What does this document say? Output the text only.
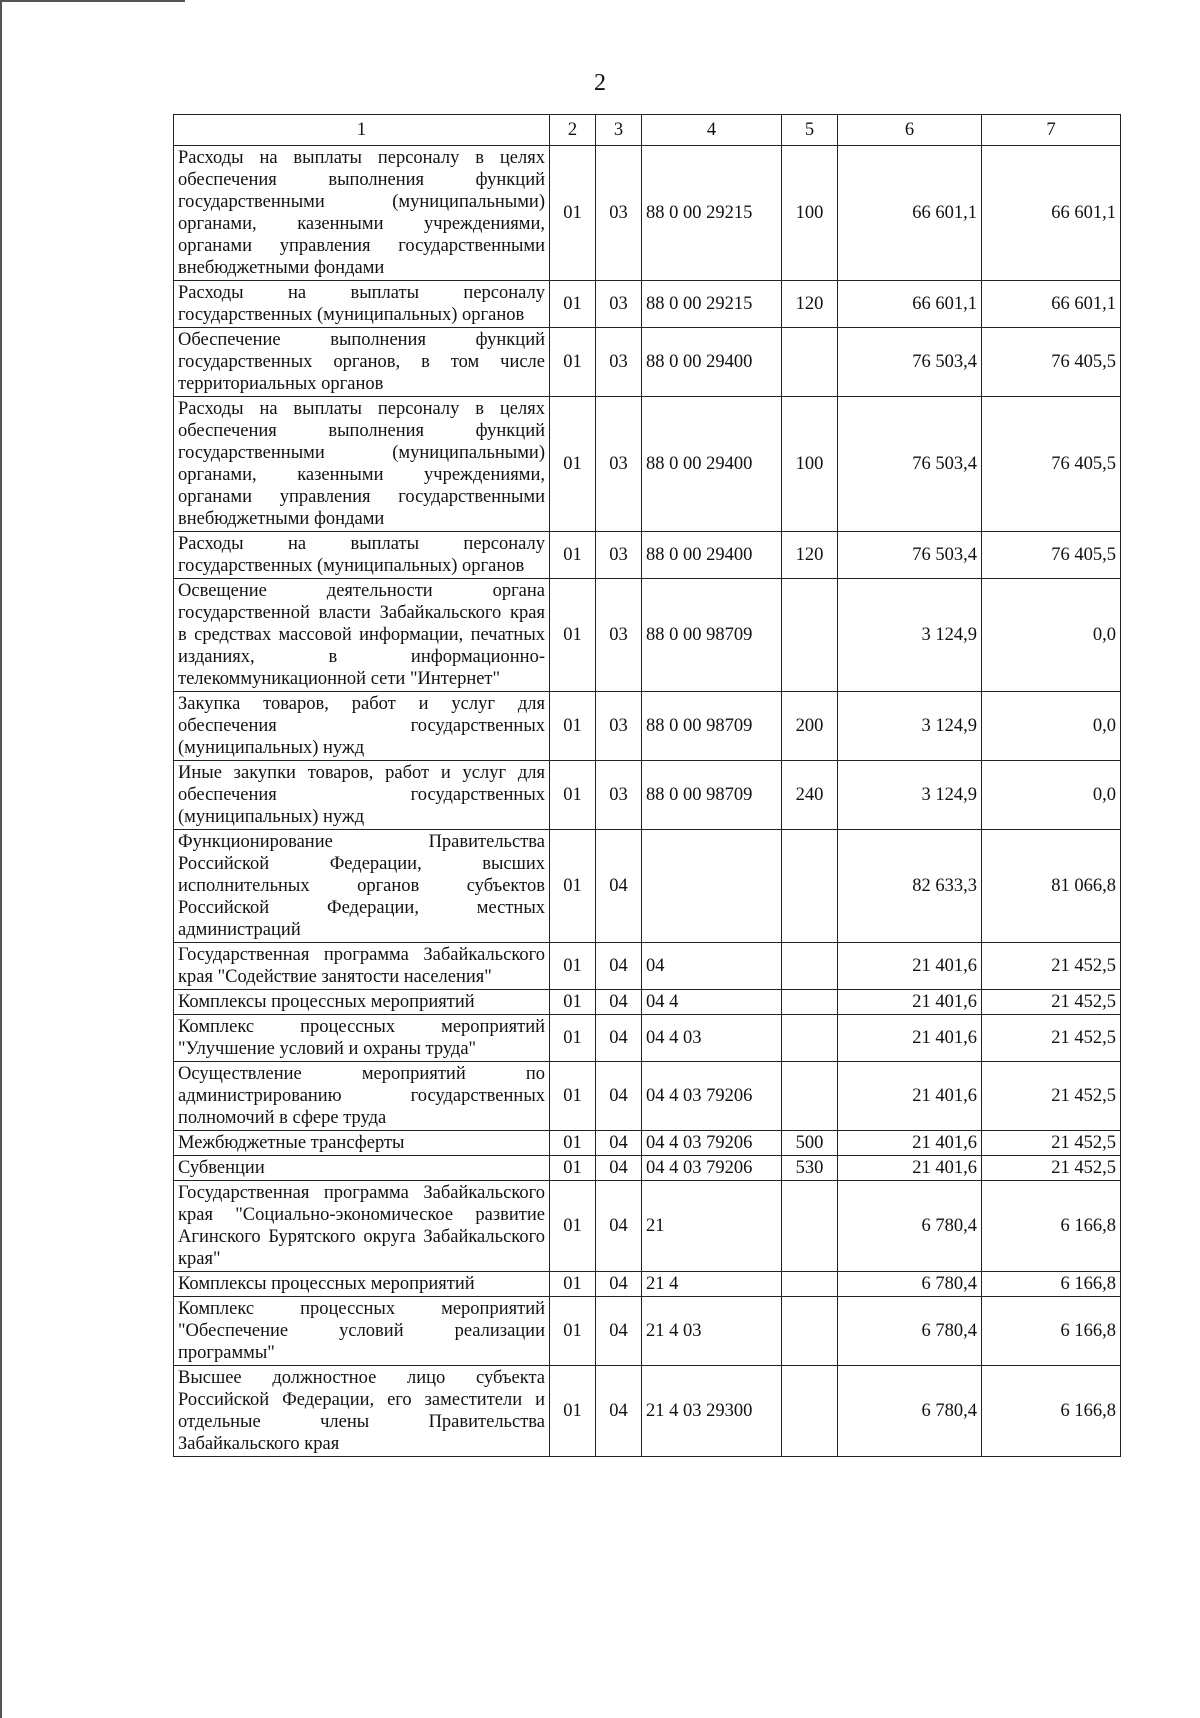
2
1	2	3	4	5	6	7
Расходы на выплаты персоналу в целях обеспечения выполнения функций государственными (муниципальными) органами, казенными учреждениями, органами управления государственными внебюджетными фондами	01	03	88 0 00 29215	100	66 601,1	66 601,1
Расходы на выплаты персоналу государственных (муниципальных) органов	01	03	88 0 00 29215	120	66 601,1	66 601,1
Обеспечение выполнения функций государственных органов, в том числе территориальных органов	01	03	88 0 00 29400		76 503,4	76 405,5
Расходы на выплаты персоналу в целях обеспечения выполнения функций государственными (муниципальными) органами, казенными учреждениями, органами управления государственными внебюджетными фондами	01	03	88 0 00 29400	100	76 503,4	76 405,5
Расходы на выплаты персоналу государственных (муниципальных) органов	01	03	88 0 00 29400	120	76 503,4	76 405,5
Освещение деятельности органа государственной власти Забайкальского края в средствах массовой информации, печатных изданиях, в информационно-телекоммуникационной сети "Интернет"	01	03	88 0 00 98709		3 124,9	0,0
Закупка товаров, работ и услуг для обеспечения государственных (муниципальных) нужд	01	03	88 0 00 98709	200	3 124,9	0,0
Иные закупки товаров, работ и услуг для обеспечения государственных (муниципальных) нужд	01	03	88 0 00 98709	240	3 124,9	0,0
Функционирование Правительства Российской Федерации, высших исполнительных органов субъектов Российской Федерации, местных администраций	01	04			82 633,3	81 066,8
Государственная программа Забайкальского края "Содействие занятости населения"	01	04	04		21 401,6	21 452,5
Комплексы процессных мероприятий	01	04	04 4		21 401,6	21 452,5
Комплекс процессных мероприятий "Улучшение условий и охраны труда"	01	04	04 4 03		21 401,6	21 452,5
Осуществление мероприятий по администрированию государственных полномочий в сфере труда	01	04	04 4 03 79206		21 401,6	21 452,5
Межбюджетные трансферты	01	04	04 4 03 79206	500	21 401,6	21 452,5
Субвенции	01	04	04 4 03 79206	530	21 401,6	21 452,5
Государственная программа Забайкальского края "Социально-экономическое развитие Агинского Бурятского округа Забайкальского края"	01	04	21		6 780,4	6 166,8
Комплексы процессных мероприятий	01	04	21 4		6 780,4	6 166,8
Комплекс процессных мероприятий "Обеспечение условий реализации программы"	01	04	21 4 03		6 780,4	6 166,8
Высшее должностное лицо субъекта Российской Федерации, его заместители и отдельные члены Правительства Забайкальского края	01	04	21 4 03 29300		6 780,4	6 166,8
